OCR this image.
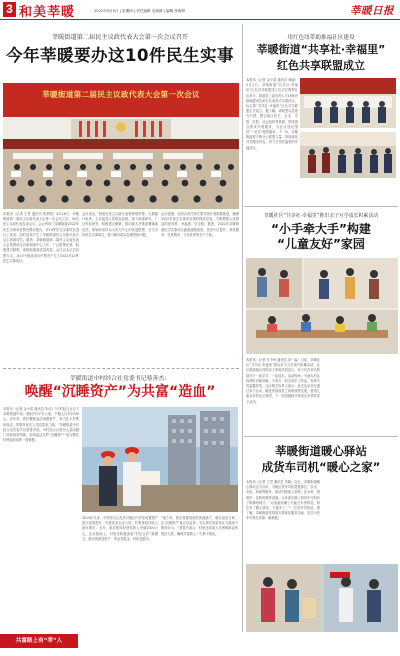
3 和美莘暖	2022年5月5日 | 星期四 | 责任编辑 吴莉斯 | 编辑 张海婷	莘暖日报
莘暖街道第二届民主议政代表大会第一次会议召开
今年莘暖要办这10件民生实事
莘暖街道第二届民主议政代表大会第一次会议
本报讯（记者 王君 通讯员 黄梦婷）4月28日，莘暖街道第二届民主议政代表大会第一次会议召开。90名民主议政代表参加会议。会议听取了莘暖街道2022年民生实事项目票决情况报告，对10件民生实事项目进行了表决，同时选举产生了莘暖街道民主议政代表大会主席团成员。据悉，莘暖街道第二届民主议政代表大会将围绕全区和街道中心工作，广泛收集民意，积极建言献策，助推街道高质量发展。会议以无记名投票方式，从15个候选项目中票决产生了2022年10件民生实事项目。
会议指出，街道各民主议政代表要珍惜荣誉，认真履行职责，主动接受人民群众监督，深入调查研究，广泛听取意见，积极建言献策，推动重大决策部署落地见效。要始终坚持以人民为中心的发展思想，全力办好民生实事项目，着力解决群众急难愁盼问题。
会议强调，各项目责任单位要对照计划抓紧推进，确保2022年民生实事项目按时保质完成，不断增强人民群众的获得感、幸福感、安全感。据悉，2022年莘暖街道民生实事项目涵盖道路改造、老旧小区提升、养老服务、托育服务、文化体育等多个方面。
用红色纽带助推福社区建设
莘暖街道“共享社·幸福里”
红色共享联盟成立
本报讯（记者 金小清 通讯员 林晓）5月1日，莘暖街道“共享社·幸福里”红色共享联盟成立仪式在胜利社区举行。街道党工委负责人与16家首批联盟成员单位代表签订共建协议，标志着“共享社·幸福里”红色共享联盟正式成立。据了解，该联盟以党建为引领，整合辖区机关、企业、学校、医院、社会组织等资源，围绕群众需求开展服务，为社区居民提供“一站式”便民服务。下一步，莘暖街道将不断壮大联盟力量，持续深化共享服务内容，努力打造有温度的幸福社区。
莘暖社区“共享社·幸福里”推出亲子互学成长积累活动
“小手牵大手”构建
“儿童友好”家园
本报讯（记者 朱小珂 通讯员 刘一淼）日前，莘暖社区“共享社·幸福里”推出亲子互学成长积累活动，社区邀请辖区内的亲子家庭共同参与，孩子们在家长的陪伴下一起学习、一起成长。活动现场，小朋友们认真聆听老师讲解，与家长一同完成手工作品，现场气氛温馨热烈。社区相关负责人表示，此次活动旨在通过亲子互动，增进家庭成员之间的情感交流，营造儿童友好的社区氛围，下一步将继续开展形式多样的亲子活动。
莘暖街道中村经合社党委书记蔡善杰：
唤醒“沉睡资产”为共富“造血”
本报讯（记者 金小清 通讯员 朱佳）“中村经合社位于莘暖街道中部，面积约3平方公里，户籍人口约2700人。近年来，我们聚焦盘活闲置资产，努力壮大村集体经济，带领村民走上共同富裕之路。”莘暖街道中村经合社党委书记蔡善杰说。中村经合社曾有大量闲置厂房和低效用地，如何盘活这些“沉睡资产”成为摆在村两委面前的一道难题。
2019年以来，中村经合社先后对辖区内多处闲置资产进行改造提升，引进优质企业入驻，村集体经济收入逐年增长。去年，该村集体经营性收入突破1000万元。在此基础上，村里还积极探索“村企合作”新模式，推动资源变资产、资金变股金、村民变股东。
“接下来，我们将继续深挖资源潜力，做好盘活文章，让‘沉睡资产’真正活起来，为实现共同富裕注入源源不断的动力。”蔡善杰表示，村里还将加大对困难群众的帮扶力度，确保共富路上一个都不掉队。
共富路上有“莘”人
莘暖街道暖心驿站
成货车司机“暖心之家”
本报讯（记者 王君 通讯员 李晓）近日，莘暖街道暖心驿站正式启用，为辖区货车司机提供休息、饮水、充电、如厕等服务。驿站内配备了桌椅、饮水机、微波炉、急救药箱等设施，让奔波在路上的货车司机有了歇脚的地方。“以前跑车累了只能在车里休息，现在有了暖心驿站，方便多了。”一位货车司机说。据了解，莘暖街道将持续完善驿站服务功能，切实为货车司机办实事、解难题。
